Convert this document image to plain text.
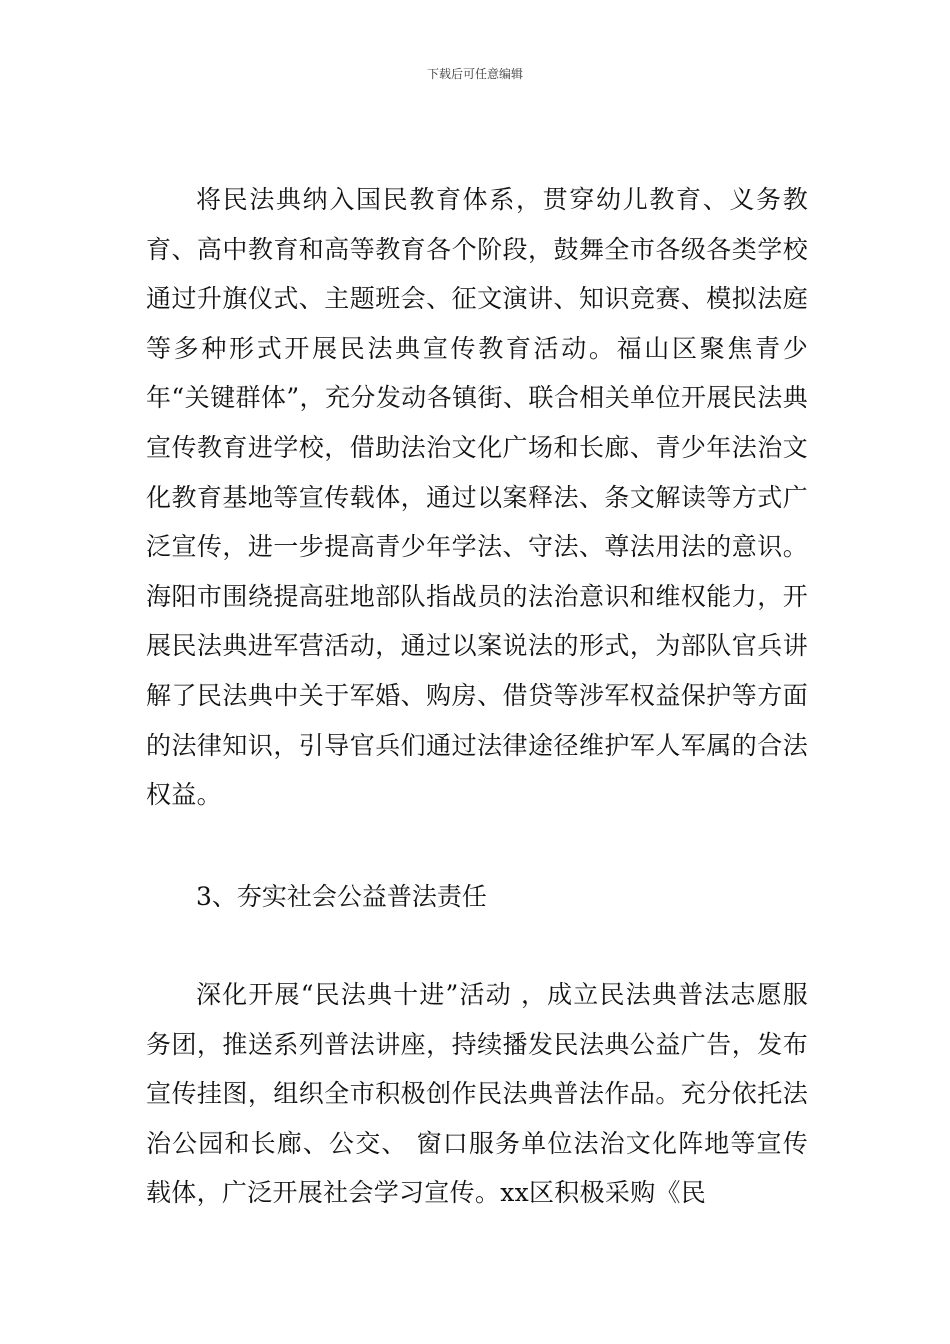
下载后可任意编辑

将民法典纳入国民教育体系，贯穿幼儿教育、义务教育、高中教育和高等教育各个阶段，鼓舞全市各级各类学校通过升旗仪式、主题班会、征文演讲、知识竞赛、模拟法庭等多种形式开展民法典宣传教育活动。福山区聚焦青少年“关键群体”，充分发动各镇街、联合相关单位开展民法典宣传教育进学校，借助法治文化广场和长廊、青少年法治文化教育基地等宣传载体，通过以案释法、条文解读等方式广泛宣传，进一步提高青少年学法、守法、尊法用法的意识。海阳市围绕提高驻地部队指战员的法治意识和维权能力，开展民法典进军营活动，通过以案说法的形式，为部队官兵讲解了民法典中关于军婚、购房、借贷等涉军权益保护等方面的法律知识，引导官兵们通过法律途径维护军人军属的合法权益。

3、夯实社会公益普法责任

深化开展“民法典十进”活动 ，成立民法典普法志愿服务团，推送系列普法讲座，持续播发民法典公益广告，发布宣传挂图，组织全市积极创作民法典普法作品。充分依托法治公园和长廊、公交、 窗口服务单位法治文化阵地等宣传载体，广泛开展社会学习宣传。xx区积极采购《民
